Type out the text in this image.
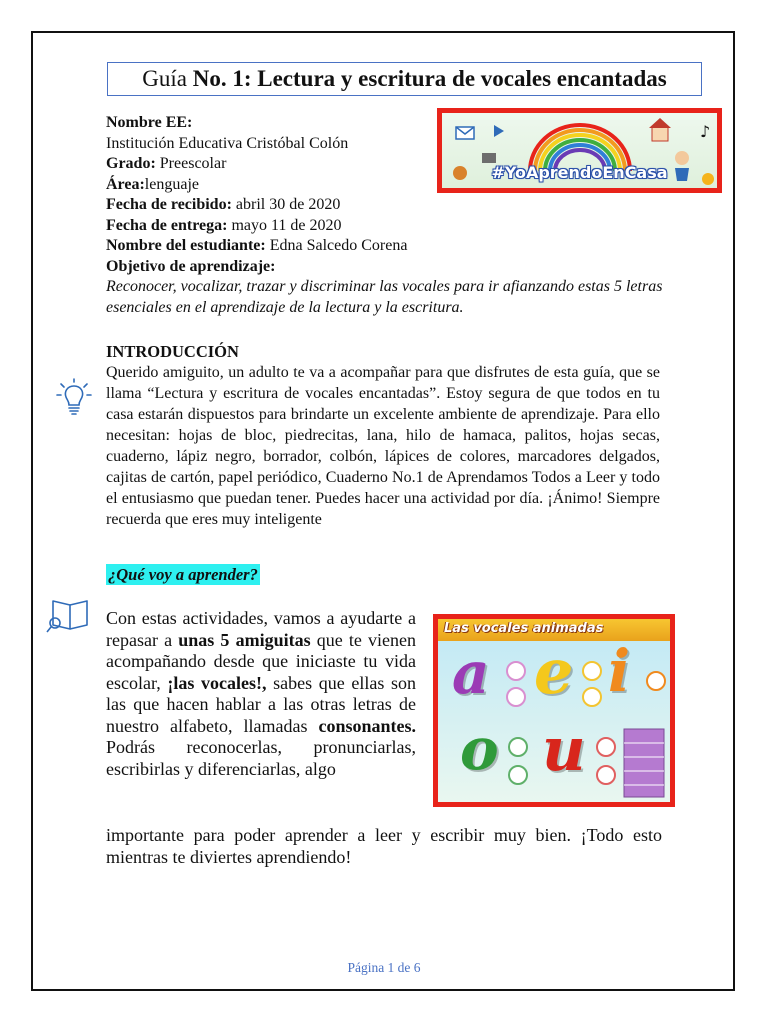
Guía No. 1: Lectura y escritura de vocales encantadas
♪
#YoAprendoEnCasa
Nombre EE:
Institución Educativa Cristóbal Colón
Grado: Preescolar
Área:lenguaje
Fecha de recibido: abril 30 de 2020
Fecha de entrega: mayo 11 de 2020
Nombre del estudiante: Edna Salcedo Corena
Objetivo de aprendizaje:
Reconocer, vocalizar, trazar y discriminar las vocales para ir afianzando estas 5 letras esenciales en el aprendizaje de la lectura y la escritura.
INTRODUCCIÓN
Querido amiguito, un adulto te va a acompañar para que disfrutes de esta guía, que se llama “Lectura y escritura de vocales encantadas”. Estoy segura de que todos en tu casa estarán dispuestos para brindarte un excelente ambiente de aprendizaje. Para ello necesitan: hojas de bloc, piedrecitas, lana, hilo de hamaca, palitos, hojas secas, cuaderno, lápiz negro, borrador, colbón, lápices de colores, marcadores delgados, cajitas de cartón, papel periódico, Cuaderno No.1 de Aprendamos Todos a Leer y todo el entusiasmo que puedan tener. Puedes hacer una actividad por día. ¡Ánimo! Siempre recuerda que eres muy inteligente
¿Qué voy a aprender?
Con estas actividades, vamos a ayudarte a repasar a unas 5 amiguitas que te vienen acompañando desde que iniciaste tu vida escolar, ¡las vocales!, sabes que ellas son las que hacen hablar a las otras letras de nuestro alfabeto, llamadas consonantes. Podrás reconocerlas, pronunciarlas, escribirlas y diferenciarlas, algo
importante para poder aprender a leer y escribir muy bien. ¡Todo esto mientras te diviertes aprendiendo!
Las vocales animadas
a e i
o u
Página 1 de 6
